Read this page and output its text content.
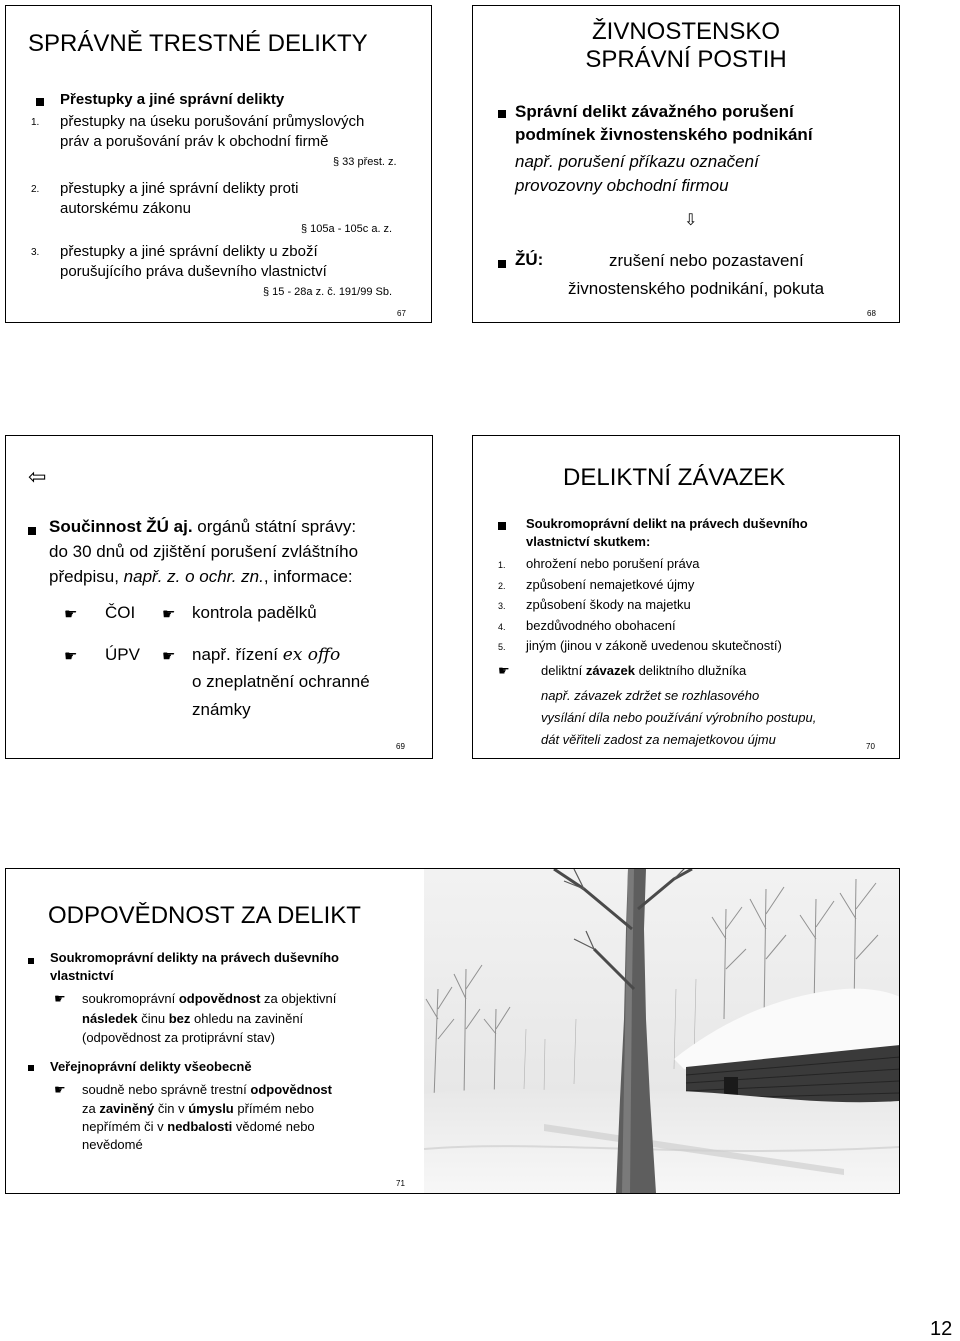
SPRÁVNĚ TRESTNÉ DELIKTY
Přestupky a jiné správní delikty
1. přestupky na úseku porušování průmyslových
práv a porušování práv k obchodní firmě
§ 33 přest. z.
2. přestupky a jiné správní delikty proti
autorskému zákonu
§ 105a - 105c a. z.
3. přestupky a jiné správní delikty u zboží
porušujícího práva duševního vlastnictví
§ 15 - 28a z. č. 191/99 Sb.
67
ŽIVNOSTENSKO
SPRÁVNÍ POSTIH
Správní delikt závažného porušení
podmínek živnostenského podnikání
např. porušení příkazu označení
provozovny obchodní firmou
⇩
ŽÚ:	zrušení nebo pozastavení
živnostenského podnikání, pokuta
68
⇦
Součinnost ŽÚ aj. orgánů státní správy:
do 30 dnů od zjištění porušení zvláštního
předpisu, např. z. o ochr. zn., informace:
☛ ČOI ☛ kontrola padělků
☛ ÚPV ☛ např. řízení ex offo
o zneplatnění ochranné
známky
69
DELIKTNÍ ZÁVAZEK
Soukromoprávní delikt na právech duševního
vlastnictví skutkem:
1. ohrožení nebo porušení práva
2. způsobení nemajetkové újmy
3. způsobení škody na majetku
4. bezdůvodného obohacení
5. jiným (jinou v zákoně uvedenou skutečností)
☛ deliktní závazek deliktního dlužníka
např. závazek zdržet se rozhlasového
vysílání díla nebo používání výrobního postupu,
dát věřiteli zadost za nemajetkovou újmu	70
ODPOVĚDNOST ZA DELIKT
Soukromoprávní delikty na právech duševního
vlastnictví
☛ soukromoprávní odpovědnost za objektivní
následek činu bez ohledu na zavinění
(odpovědnost za protiprávní stav)
Veřejnoprávní delikty všeobecně
☛ soudně nebo správně trestní odpovědnost
za zaviněný čin v úmyslu přímém nebo
nepřímém či v nedbalosti vědomé nebo
nevědomé
71
12
